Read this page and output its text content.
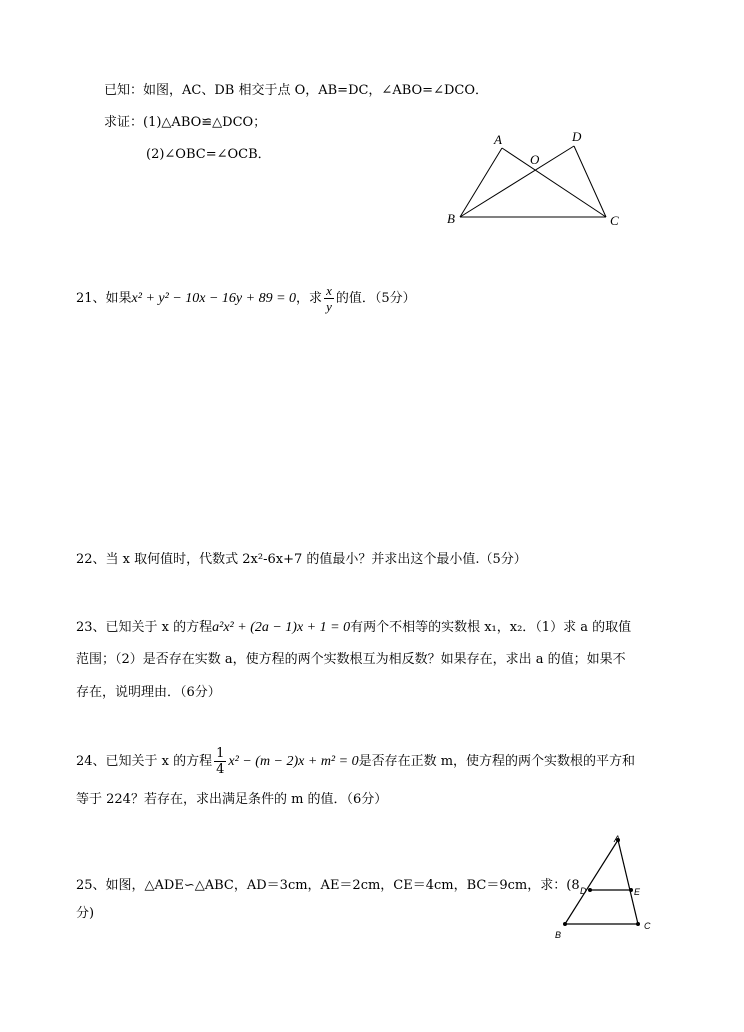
已知：如图，AC、DB 相交于点 O，AB=DC，∠ABO=∠DCO．
求证：(1)△ABO≌△DCO；
(2)∠OBC=∠OCB．
A	D
O
B	C
21、如果x² + y² − 10x − 16y + 89 = 0，求 $\frac{x}{y}$ 的值．（5分）
22、当 x 取何值时，代数式 2x²-6x+7 的值最小？并求出这个最小值.（5分）
23、已知关于 x 的方程a²x² + (2a − 1)x + 1 = 0有两个不相等的实数根 x₁，x₂．（1）求 a 的取值
范围；（2）是否存在实数 a，使方程的两个实数根互为相反数？如果存在，求出 a 的值；如果不
存在，说明理由．（6分）
24、已知关于 x 的方程 $\frac{1}{4} x^2 - (m - 2)x + m^2 = 0$是否存在正数 m，使方程的两个实数根的平方和
等于 224？若存在，求出满足条件的 m 的值．（6分）
25、如图，△ADE∽△ABC，AD＝3cm，AE＝2cm，CE＝4cm，BC＝9cm，求：(8
分)
A
D	E
B
C
